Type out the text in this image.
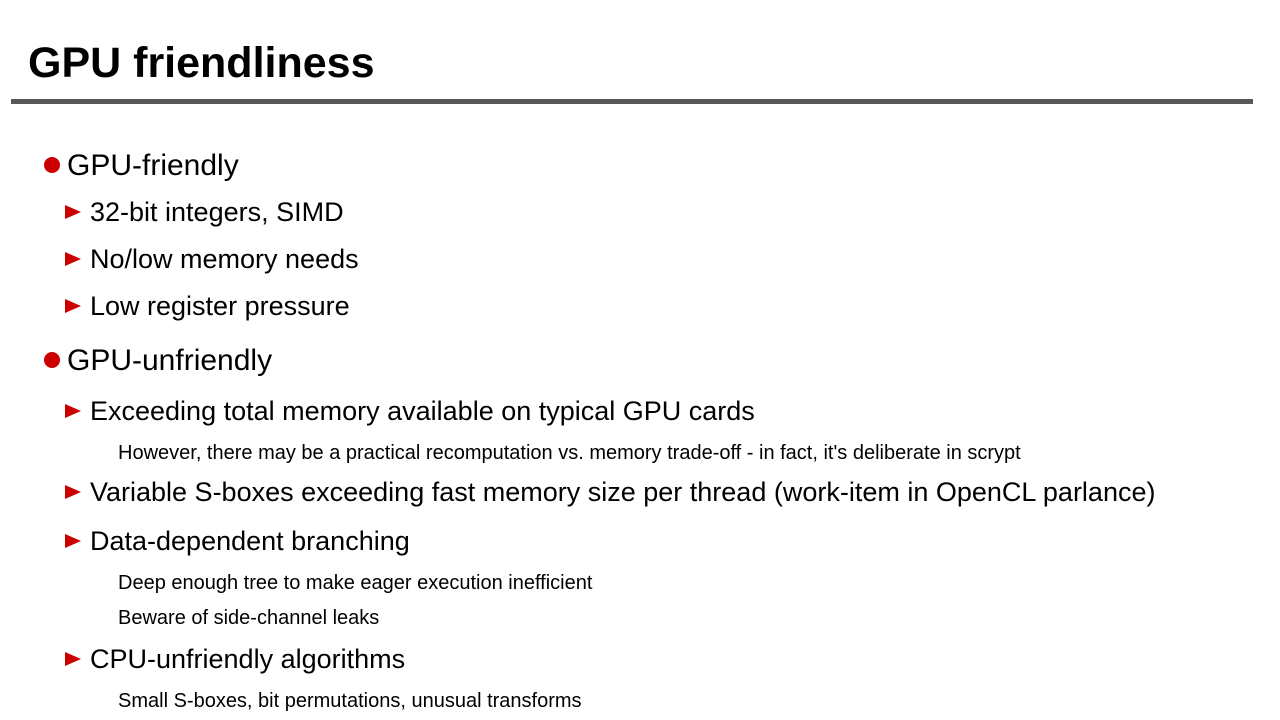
GPU friendliness
GPU-friendly
32-bit integers, SIMD
No/low memory needs
Low register pressure
GPU-unfriendly
Exceeding total memory available on typical GPU cards
However, there may be a practical recomputation vs. memory trade-off - in fact, it's deliberate in scrypt
Variable S-boxes exceeding fast memory size per thread (work-item in OpenCL parlance)
Data-dependent branching
Deep enough tree to make eager execution inefficient
Beware of side-channel leaks
CPU-unfriendly algorithms
Small S-boxes, bit permutations, unusual transforms
